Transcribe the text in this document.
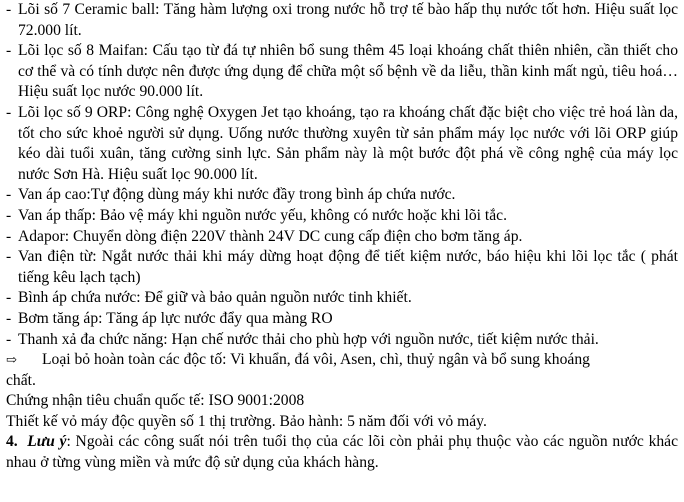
- Lõi số 7 Ceramic ball: Tăng hàm lượng oxi trong nước hỗ trợ tế bào hấp thụ nước tốt hơn. Hiệu suất lọc 72.000 lít.
- Lõi lọc số 8 Maifan: Cấu tạo từ đá tự nhiên bổ sung thêm 45 loại khoáng chất thiên nhiên, cần thiết cho cơ thể và có tính dược nên được ứng dụng để chữa một số bệnh về da liễu, thần kinh mất ngủ, tiêu hoá…Hiệu suất lọc nước 90.000 lít.
- Lõi lọc số 9 ORP: Công nghệ Oxygen Jet tạo khoáng, tạo ra khoáng chất đặc biệt cho việc trẻ hoá làn da, tốt cho sức khoẻ người sử dụng. Uống nước thường xuyên từ sản phẩm máy lọc nước với lõi ORP giúp kéo dài tuổi xuân, tăng cường sinh lực. Sản phẩm này là một bước đột phá về công nghệ của máy lọc nước Sơn Hà. Hiệu suất lọc 90.000 lít.
- Van áp cao:Tự động dùng máy khi nước đầy trong bình áp chứa nước.
- Van áp thấp: Bảo vệ máy khi nguồn nước yếu, không có nước hoặc khi lõi tắc.
- Adapor: Chuyển dòng điện 220V thành 24V DC cung cấp điện cho bơm tăng áp.
- Van điện từ: Ngắt nước thải khi máy dừng hoạt động để tiết kiệm nước, báo hiệu khi lõi lọc tắc ( phát tiếng kêu lạch tạch)
- Bình áp chứa nước: Để giữ và bảo quản nguồn nước tinh khiết.
- Bơm tăng áp: Tăng áp lực nước đẩy qua màng RO
- Thanh xả đa chức năng: Hạn chế nước thải cho phù hợp với nguồn nước, tiết kiệm nước thải.
⇨	Loại bỏ hoàn toàn các độc tố: Vi khuẩn, đá vôi, Asen, chì, thuỷ ngân và bổ sung khoáng
chất.
Chứng nhận tiêu chuẩn quốc tế: ISO 9001:2008
Thiết kế vỏ máy độc quyền số 1 thị trường. Bảo hành: 5 năm đối với vỏ máy.
4. Lưu ý: Ngoài các công suất nói trên tuổi thọ của các lõi còn phải phụ thuộc vào các nguồn nước khác nhau ở từng vùng miền và mức độ sử dụng của khách hàng.
